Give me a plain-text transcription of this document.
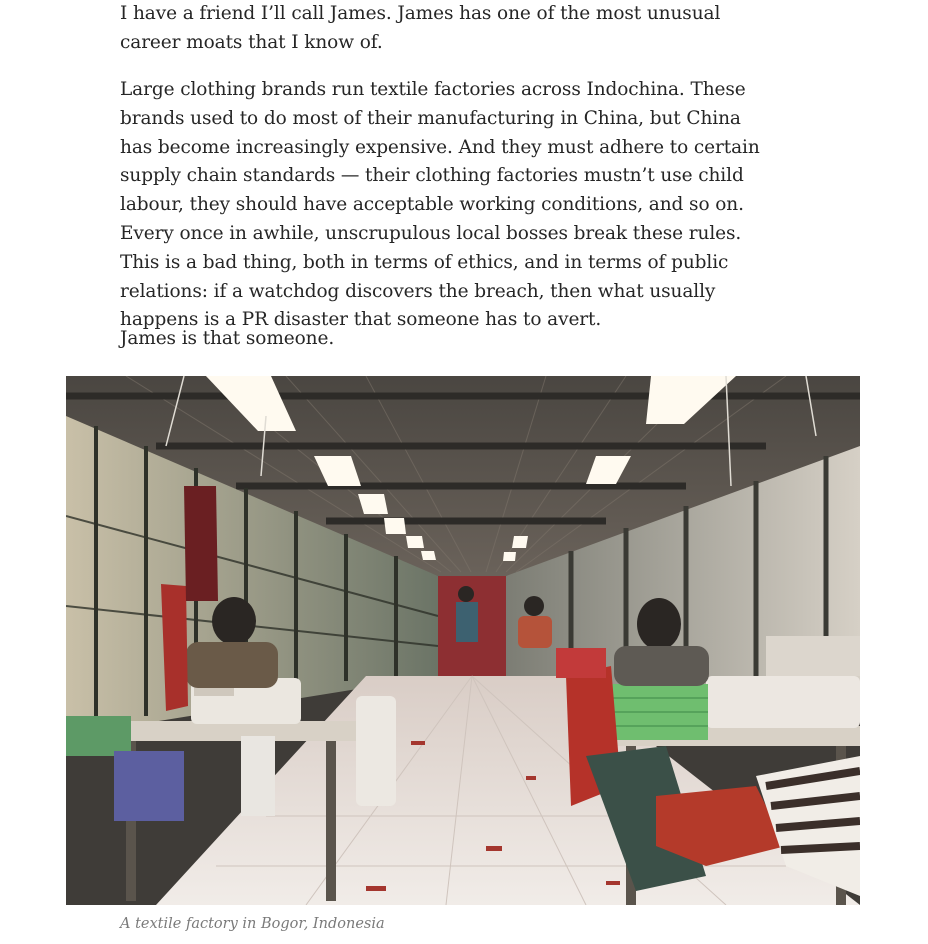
I have a friend I’ll call James. James has one of the most unusual career moats that I know of.

Large clothing brands run textile factories across Indochina. These brands used to do most of their manufacturing in China, but China has become increasingly expensive. And they must adhere to certain supply chain standards — their clothing factories mustn’t use child labour, they should have acceptable working conditions, and so on. Every once in awhile, unscrupulous local bosses break these rules. This is a bad thing, both in terms of ethics, and in terms of public relations: if a watchdog discovers the breach, then what usually happens is a PR disaster that someone has to avert.

James is that someone.

A textile factory in Bogor, Indonesia
